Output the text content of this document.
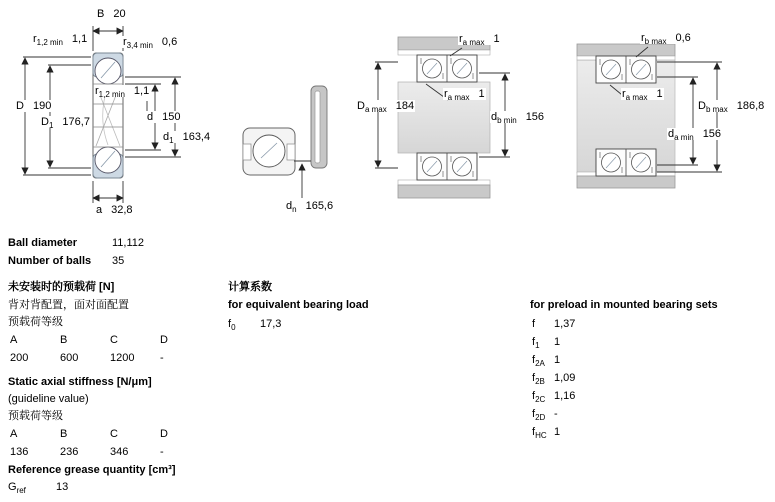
B 20
$r_{1,2 min}$ 1,1	$r_{3,4 min}$ 0,6
D 190
$D_1$ 176,7
$r_{1,2 min}$ 1,1
d 150
$d_1$ 163,4
a 32,8	$d_n$ 165,6
$r_{a max}$ 1
$r_{a max}$ 1
$D_{a max}$ 184
$d_{b min}$ 156
$r_{b max}$ 0,6
$r_{a max}$ 1
$D_{b max}$ 186,8
$d_{a min}$ 156
Ball diameter	11,112
Number of balls 35
未安装时的预载荷 [N]
背对背配置，面对面配置
预载荷等级
A	B	C	D
200	600	1200 -
Static axial stiffness [N/μm]
(guideline value)
预载荷等级
A	B	C	D
136	236	346	-
Reference grease quantity [cm³]
$G_{ref}$	13
计算系数
for equivalent bearing load
$f_0$ 17,3
for preload in mounted bearing sets
f 1,37
$f_1$ 1
$f_{2A}$ 1
$f_{2B}$ 1,09
$f_{2C}$ 1,16
$f_{2D}$ -
$f_{HC}$ 1
